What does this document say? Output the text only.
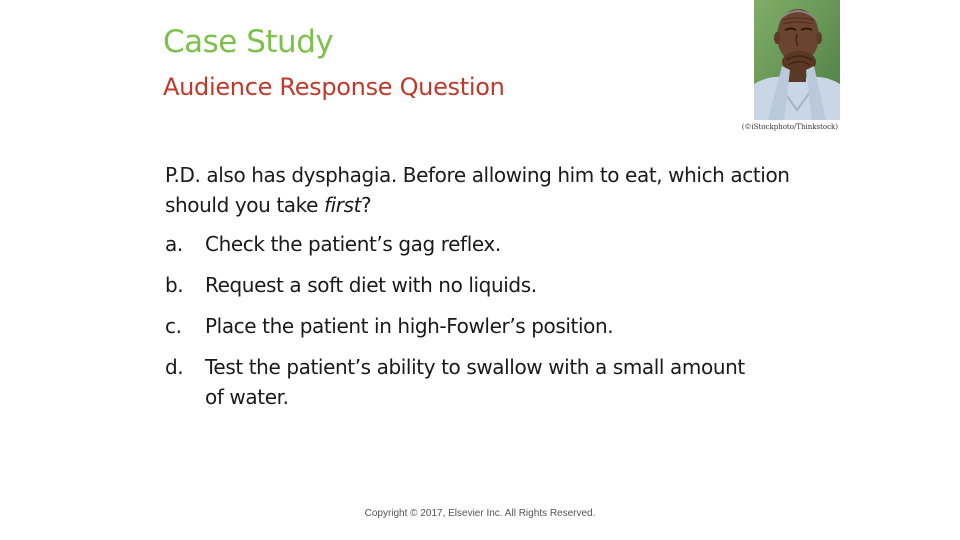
Case Study
Audience Response Question
(©iStockphoto/Thinkstock)

P.D. also has dysphagia. Before allowing him to eat, which action should you take first?

a.	Check the patient’s gag reflex.
b.	Request a soft diet with no liquids.
c.	Place the patient in high-Fowler’s position.
d.	Test the patient’s ability to swallow with a small amount of water.
Copyright © 2017, Elsevier Inc. All Rights Reserved.
